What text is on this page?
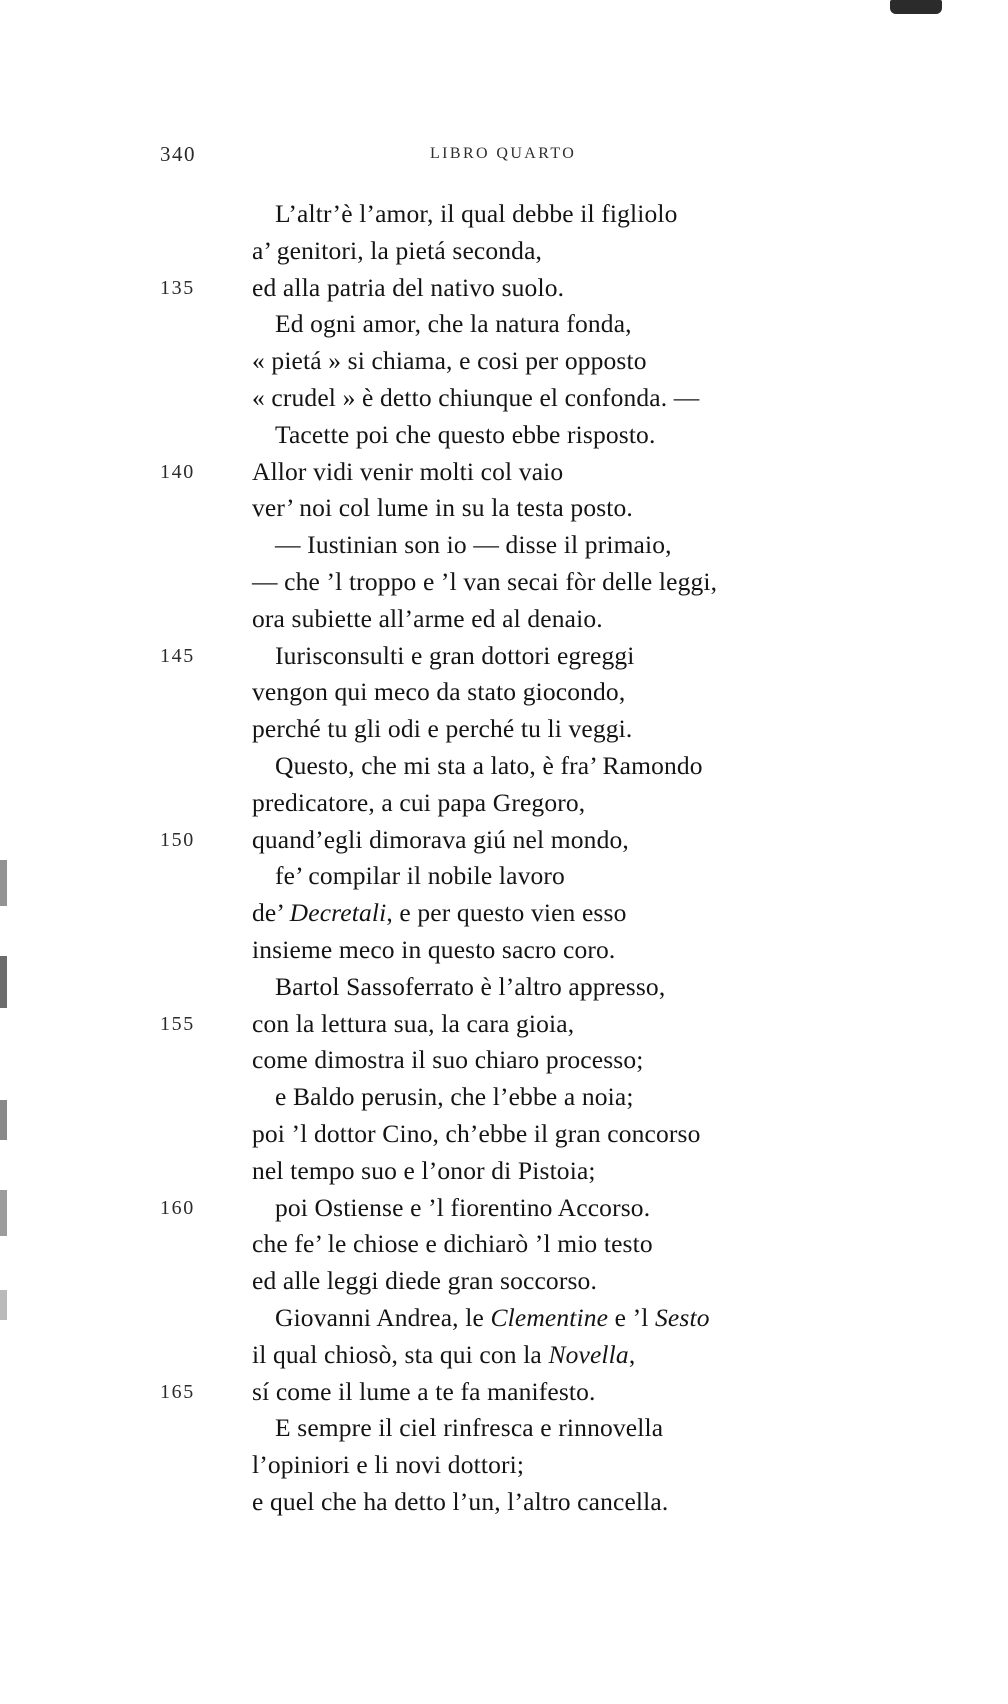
340	LIBRO QUARTO
L’altr’è l’amor, il qual debbe il figliolo
a’ genitori, la pietá seconda,
135	ed alla patria del nativo suolo.
Ed ogni amor, che la natura fonda,
« pietá » si chiama, e cosi per opposto
« crudel » è detto chiunque el confonda. —
Tacette poi che questo ebbe risposto.
140	Allor vidi venir molti col vaio
ver’ noi col lume in su la testa posto.
— Iustinian son io — disse il primaio,
— che ’l troppo e ’l van secai fòr delle leggi,
ora subiette all’arme ed al denaio.
145	Iurisconsulti e gran dottori egreggi
vengon qui meco da stato giocondo,
perché tu gli odi e perché tu li veggi.
Questo, che mi sta a lato, è fra’ Ramondo
predicatore, a cui papa Gregoro,
150	quand’egli dimorava giú nel mondo,
fe’ compilar il nobile lavoro
de’ Decretali, e per questo vien esso
insieme meco in questo sacro coro.
Bartol Sassoferrato è l’altro appresso,
155	con la lettura sua, la cara gioia,
come dimostra il suo chiaro processo;
e Baldo perusin, che l’ebbe a noia;
poi ’l dottor Cino, ch’ebbe il gran concorso
nel tempo suo e l’onor di Pistoia;
160	poi Ostiense e ’l fiorentino Accorso.
che fe’ le chiose e dichiarò ’l mio testo
ed alle leggi diede gran soccorso.
Giovanni Andrea, le Clementine e ’l Sesto
il qual chiosò, sta qui con la Novella,
165	sí come il lume a te fa manifesto.
E sempre il ciel rinfresca e rinnovella
l’opiniori e li novi dottori;
e quel che ha detto l’un, l’altro cancella.
